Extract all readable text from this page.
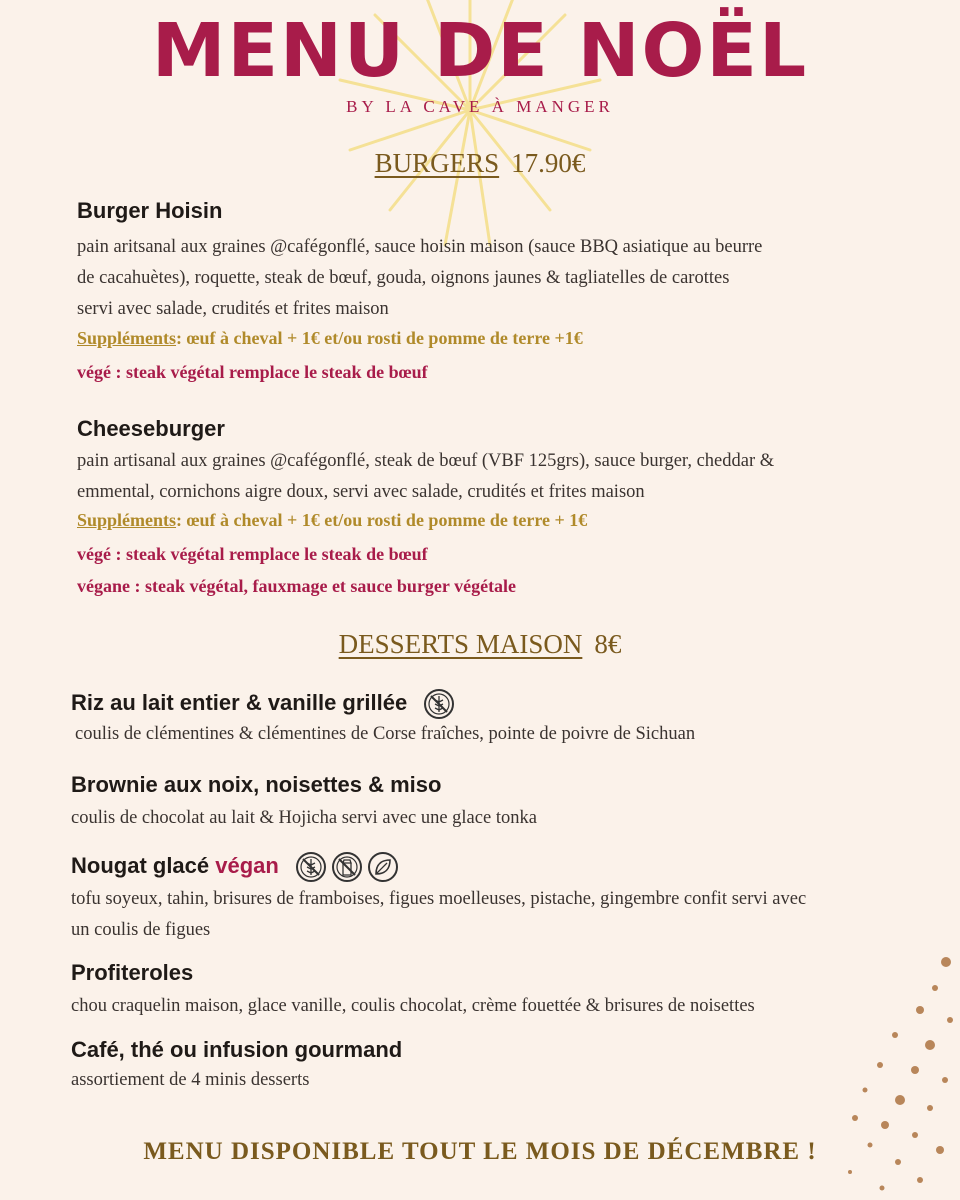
MENU DE NOËL
BY LA CAVE À MANGER
BURGERS 17.90€
Burger Hoisin
pain aritsanal aux graines @cafégonflé, sauce hoisin maison (sauce BBQ asiatique au beurre
de cacahuètes), roquette, steak de bœuf, gouda, oignons jaunes & tagliatelles de carottes
servi avec salade, crudités et frites maison
Suppléments: œuf à cheval + 1€ et/ou rosti de pomme de terre +1€
végé : steak végétal remplace le steak de bœuf
Cheeseburger
pain artisanal aux graines @cafégonflé, steak de bœuf (VBF 125grs), sauce burger, cheddar &
emmental, cornichons aigre doux, servi avec salade, crudités et frites maison
Suppléments: œuf à cheval + 1€ et/ou rosti de pomme de terre + 1€
végé : steak végétal remplace le steak de bœuf
végane : steak végétal, fauxmage et sauce burger végétale
DESSERTS MAISON 8€
Riz au lait entier & vanille grillée
coulis de clémentines & clémentines de Corse fraîches, pointe de poivre de Sichuan
Brownie aux noix, noisettes & miso
coulis de chocolat au lait & Hojicha servi avec une glace tonka
Nougat glacé végan
tofu soyeux, tahin, brisures de framboises, figues moelleuses, pistache, gingembre confit servi avec
un coulis de figues
Profiteroles
chou craquelin maison, glace vanille, coulis chocolat, crème fouettée & brisures de noisettes
Café, thé ou infusion gourmand
assortiement de 4 minis desserts
MENU DISPONIBLE TOUT LE MOIS DE DÉCEMBRE !
